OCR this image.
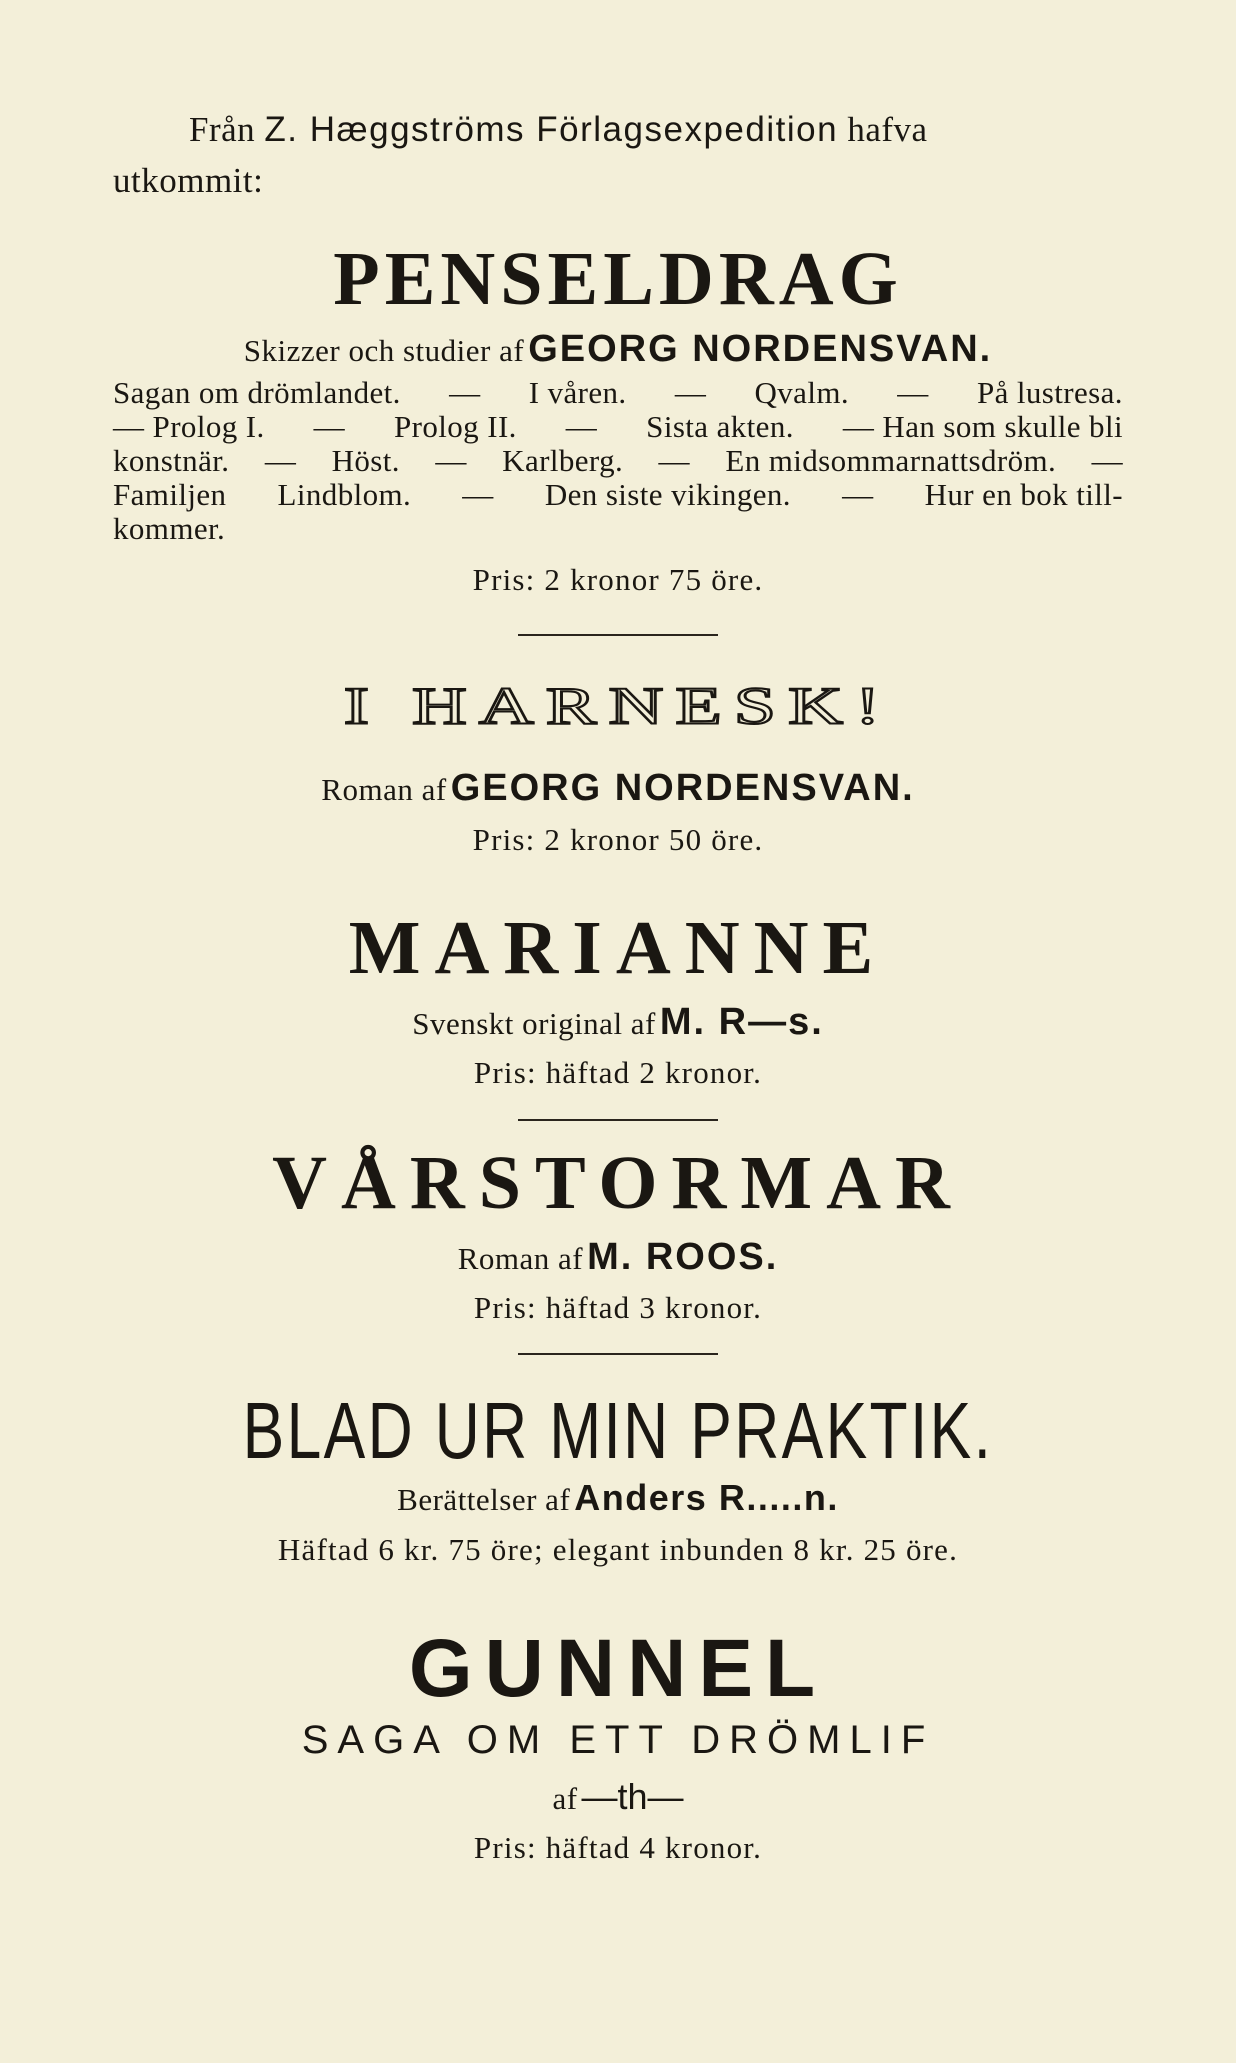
Från Z. Hæggströms Förlagsexpedition hafva
utkommit:
PENSELDRAG
Skizzer och studier af GEORG NORDENSVAN.
Sagan om drömlandet. — I våren. — Qvalm. — På lustresa.
— Prolog I. — Prolog II. — Sista akten. — Han som skulle bli
konstnär. — Höst. — Karlberg. — En midsommarnattsdröm. —
Familjen Lindblom. — Den siste vikingen. — Hur en bok till-
kommer.
Pris: 2 kronor 75 öre.
I HARNESK!
Roman af GEORG NORDENSVAN.
Pris: 2 kronor 50 öre.
MARIANNE
Svenskt original af M. R—s.
Pris: häftad 2 kronor.
VÅRSTORMAR
Roman af M. ROOS.
Pris: häftad 3 kronor.
BLAD UR MIN PRAKTIK.
Berättelser af Anders R.....n.
Häftad 6 kr. 75 öre; elegant inbunden 8 kr. 25 öre.
GUNNEL
SAGA OM ETT DRÖMLIF
af —th—
Pris: häftad 4 kronor.
